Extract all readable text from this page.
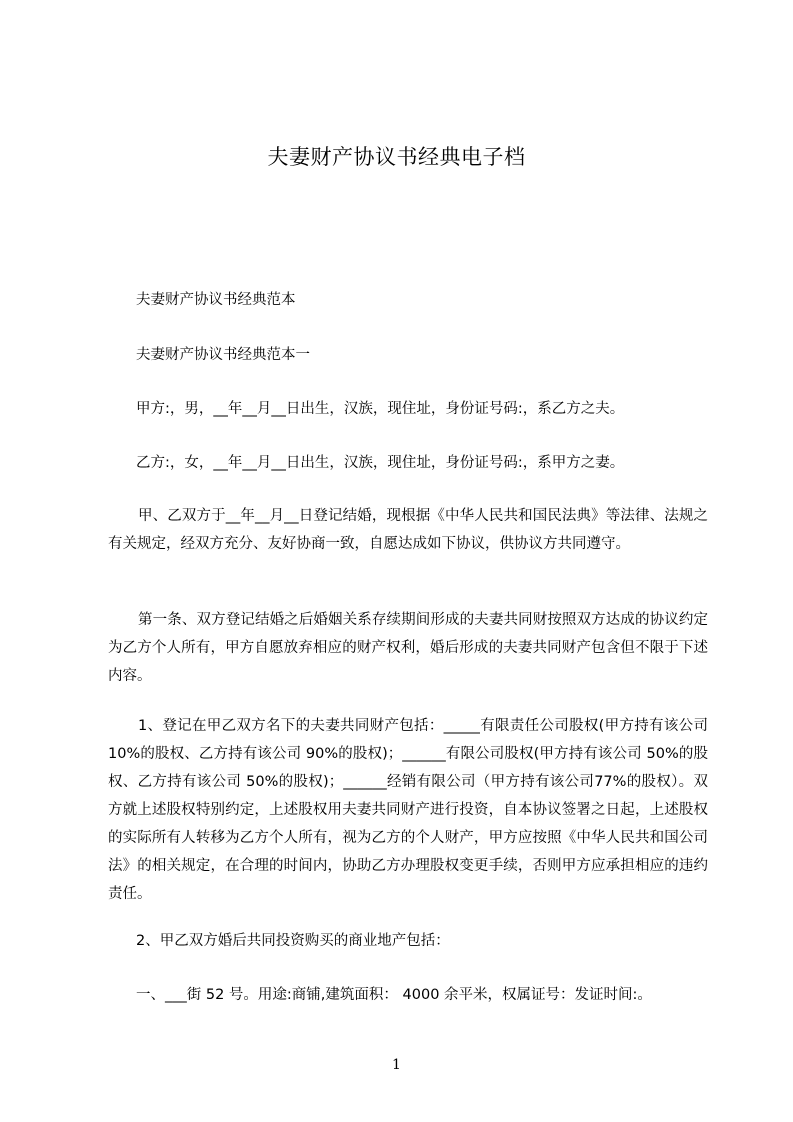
夫妻财产协议书经典电子档

夫妻财产协议书经典范本

夫妻财产协议书经典范本一

甲方:，男，__年__月__日出生，汉族，现住址，身份证号码:，系乙方之夫。

乙方:，女，__年__月__日出生，汉族，现住址，身份证号码:，系甲方之妻。

甲、乙双方于__年__月__日登记结婚，现根据《中华人民共和国民法典》等法律、法规之有关规定，经双方充分、友好协商一致，自愿达成如下协议，供协议方共同遵守。

第一条、双方登记结婚之后婚姻关系存续期间形成的夫妻共同财按照双方达成的协议约定为乙方个人所有，甲方自愿放弃相应的财产权利，婚后形成的夫妻共同财产包含但不限于下述内容。

1、登记在甲乙双方名下的夫妻共同财产包括：_____有限责任公司股权(甲方持有该公司 10%的股权、乙方持有该公司 90%的股权)；______有限公司股权(甲方持有该公司 50%的股权、乙方持有该公司 50%的股权)；______经销有限公司（甲方持有该公司77%的股权）。双方就上述股权特别约定，上述股权用夫妻共同财产进行投资，自本协议签署之日起，上述股权的实际所有人转移为乙方个人所有，视为乙方的个人财产，甲方应按照《中华人民共和国公司法》的相关规定，在合理的时间内，协助乙方办理股权变更手续，否则甲方应承担相应的违约责任。

2、甲乙双方婚后共同投资购买的商业地产包括：

一、___街 52 号。用途:商铺,建筑面积： 4000 余平米，权属证号：发证时间:。

1
